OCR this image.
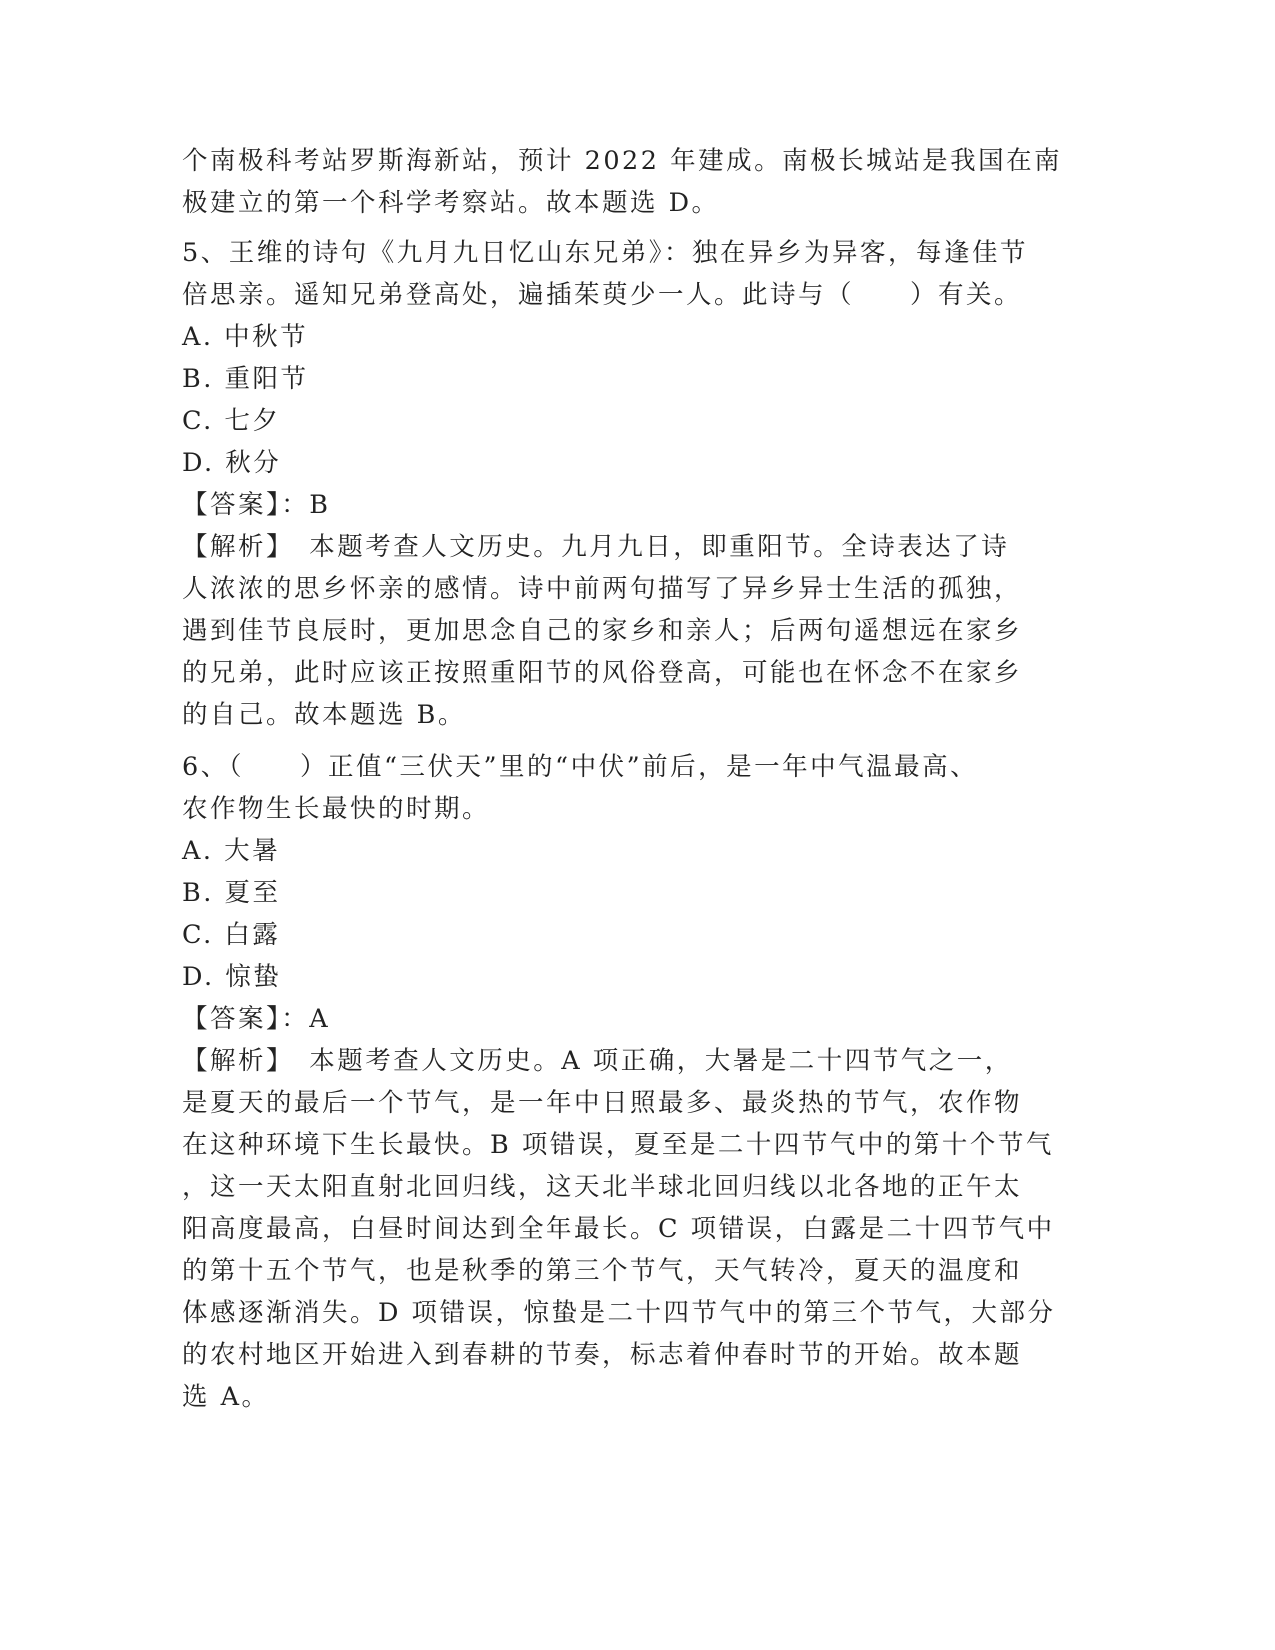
个南极科考站罗斯海新站，预计 2022 年建成。南极长城站是我国在南
极建立的第一个科学考察站。故本题选 D。
5、王维的诗句《九月九日忆山东兄弟》：独在异乡为异客，每逢佳节
倍思亲。遥知兄弟登高处，遍插茱萸少一人。此诗与（　　）有关。
A. 中秋节
B. 重阳节
C. 七夕
D. 秋分
【答案】：B
【解析】　本题考查人文历史。九月九日，即重阳节。全诗表达了诗
人浓浓的思乡怀亲的感情。诗中前两句描写了异乡异士生活的孤独，
遇到佳节良辰时，更加思念自己的家乡和亲人；后两句遥想远在家乡
的兄弟，此时应该正按照重阳节的风俗登高，可能也在怀念不在家乡
的自己。故本题选 B。
6、（　　）正值“三伏天”里的“中伏”前后，是一年中气温最高、
农作物生长最快的时期。
A. 大暑
B. 夏至
C. 白露
D. 惊蛰
【答案】：A
【解析】　本题考查人文历史。A 项正确，大暑是二十四节气之一，
是夏天的最后一个节气，是一年中日照最多、最炎热的节气，农作物
在这种环境下生长最快。B 项错误，夏至是二十四节气中的第十个节气
，这一天太阳直射北回归线，这天北半球北回归线以北各地的正午太
阳高度最高，白昼时间达到全年最长。C 项错误，白露是二十四节气中
的第十五个节气，也是秋季的第三个节气，天气转冷，夏天的温度和
体感逐渐消失。D 项错误，惊蛰是二十四节气中的第三个节气，大部分
的农村地区开始进入到春耕的节奏，标志着仲春时节的开始。故本题
选 A。
